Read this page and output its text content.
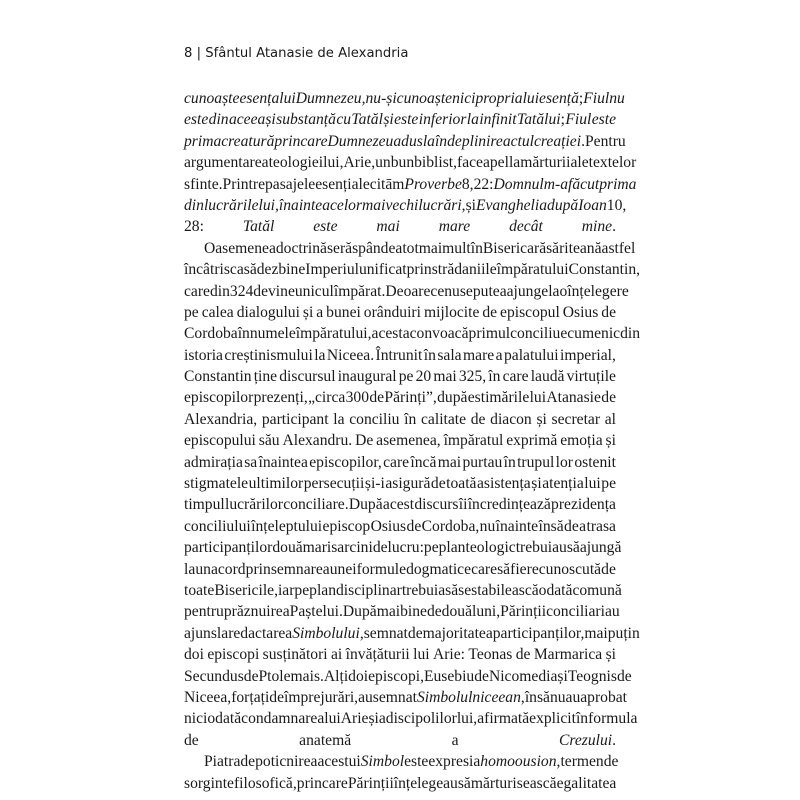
8 | Sfântul Atanasie de Alexandria
cunoaște esența lui Dumnezeu, nu-și cunoaște nici propria lui esență; Fiul nu
este din aceeași substanță cu Tatăl și este inferior la infinit Tatălui; Fiul este
prima creatură prin care Dumnezeu a dus la îndeplinire actul creației. Pentru
argumentarea teologiei lui, Arie, un bun biblist, face apel la mărturii ale textelor
sfinte. Printre pasajele esențiale citām Proverbe 8, 22: Domnul m-a făcut prima
din lucrările lui, înaintea celor mai vechi lucrări, și Evanghelia după Ioan 10,
28: Tatăl este mai mare decât mine.
O asemenea doctrină se răspândea tot mai mult în Biserica răsăriteană astfel
încât risca să dezbine Imperiul unificat prin strădaniile împăratului Constantin,
care din 324 devine unicul împărat. Deoarece nu se putea ajunge la o înțelegere
pe calea dialogului și a bunei orânduiri mijlocite de episcopul Osius de
Cordoba în numele împăratului, acesta convoacă primul conciliu ecumenic din
istoria creștinismului la Niceea. Întrunit în sala mare a palatului imperial,
Constantin ține discursul inaugural pe 20 mai 325, în care laudă virtuțile
episcopilor prezenți, „circa 300 de Părinți”, după estimările lui Atanasie de
Alexandria, participant la conciliu în calitate de diacon și secretar al
episcopului său Alexandru. De asemenea, împăratul exprimă emoția și
admirația sa înaintea episcopilor, care încă mai purtau în trupul lor ostenit
stigmatele ultimilor persecuții și-i asigură de toată asistența și atenția lui pe
timpul lucrărilor conciliare. După acest discurs îi încredințează prezidența
conciliului înțeleptului episcop Osius de Cordoba, nu înainte însă de a trasa
participanților două mari sarcini de lucru: pe plan teologic trebuiau să ajungă
la un acord prin semnarea unei formule dogmatice care să fie recunoscută de
toate Bisericile, iar pe plan disciplinar trebuia să se stabilească o dată comună
pentru prăznuirea Paștelui. După mai bine de două luni, Părinții conciliari au
ajuns la redactarea Simbolului, semnat de majoritatea participanților, mai puțin
doi episcopi susținători ai învățăturii lui Arie: Teonas de Marmarica și
Secundus de Ptolemais. Alți doi episcopi, Eusebiu de Nicomedia și Teognis de
Niceea, forțați de împrejurări, au semnat Simbolul niceean, însă nu au aprobat
niciodată condamnarea lui Arie și a discipolilor lui, afirmată explicit în formula
de anatemă a Crezului.
Piatra de poticnire a acestui Simbol este expresia homoousion, termen de
sorginte filosofică, prin care Părinții înțelegeau să mărturisească egalitatea
